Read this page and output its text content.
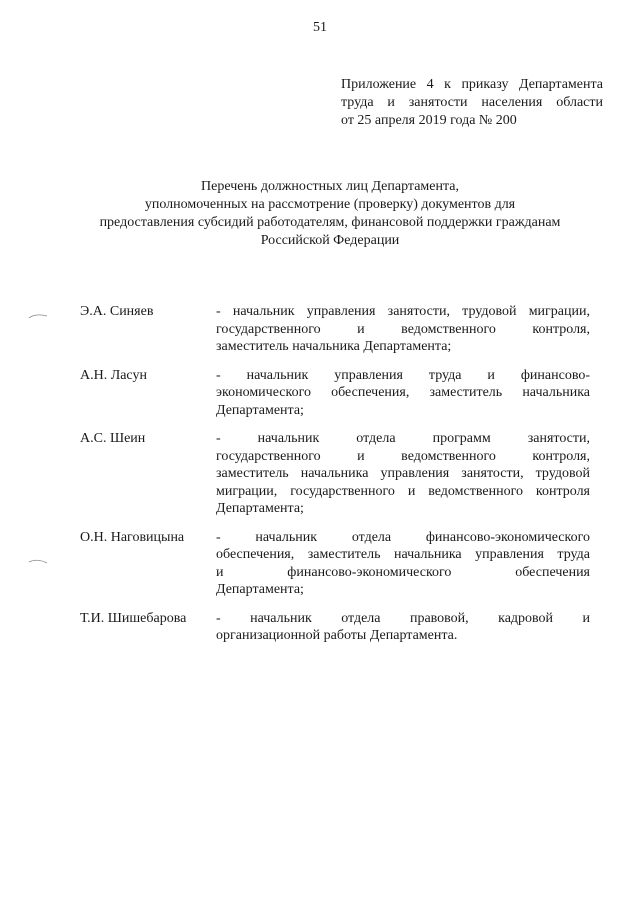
51
Приложение 4 к приказу Департамента
труда и занятости населения области
от 25 апреля 2019 года № 200
Перечень должностных лиц Департамента,
уполномоченных на рассмотрение (проверку) документов для
предоставления субсидий работодателям, финансовой поддержки гражданам
Российской Федерации
Э.А. Синяев	- начальник управления занятости, трудовой миграции,
государственного и ведомственного контроля,
заместитель начальника Департамента;
А.Н. Ласун	- начальник управления труда и финансово-
экономического обеспечения, заместитель начальника
Департамента;
А.С. Шеин	- начальник отдела программ занятости,
государственного и ведомственного контроля,
заместитель начальника управления занятости, трудовой
миграции, государственного и ведомственного контроля
Департамента;
О.Н. Наговицына	- начальник отдела финансово-экономического
обеспечения, заместитель начальника управления труда
и финансово-экономического обеспечения
Департамента;
Т.И. Шишебарова	- начальник отдела правовой, кадровой и
организационной работы Департамента.
